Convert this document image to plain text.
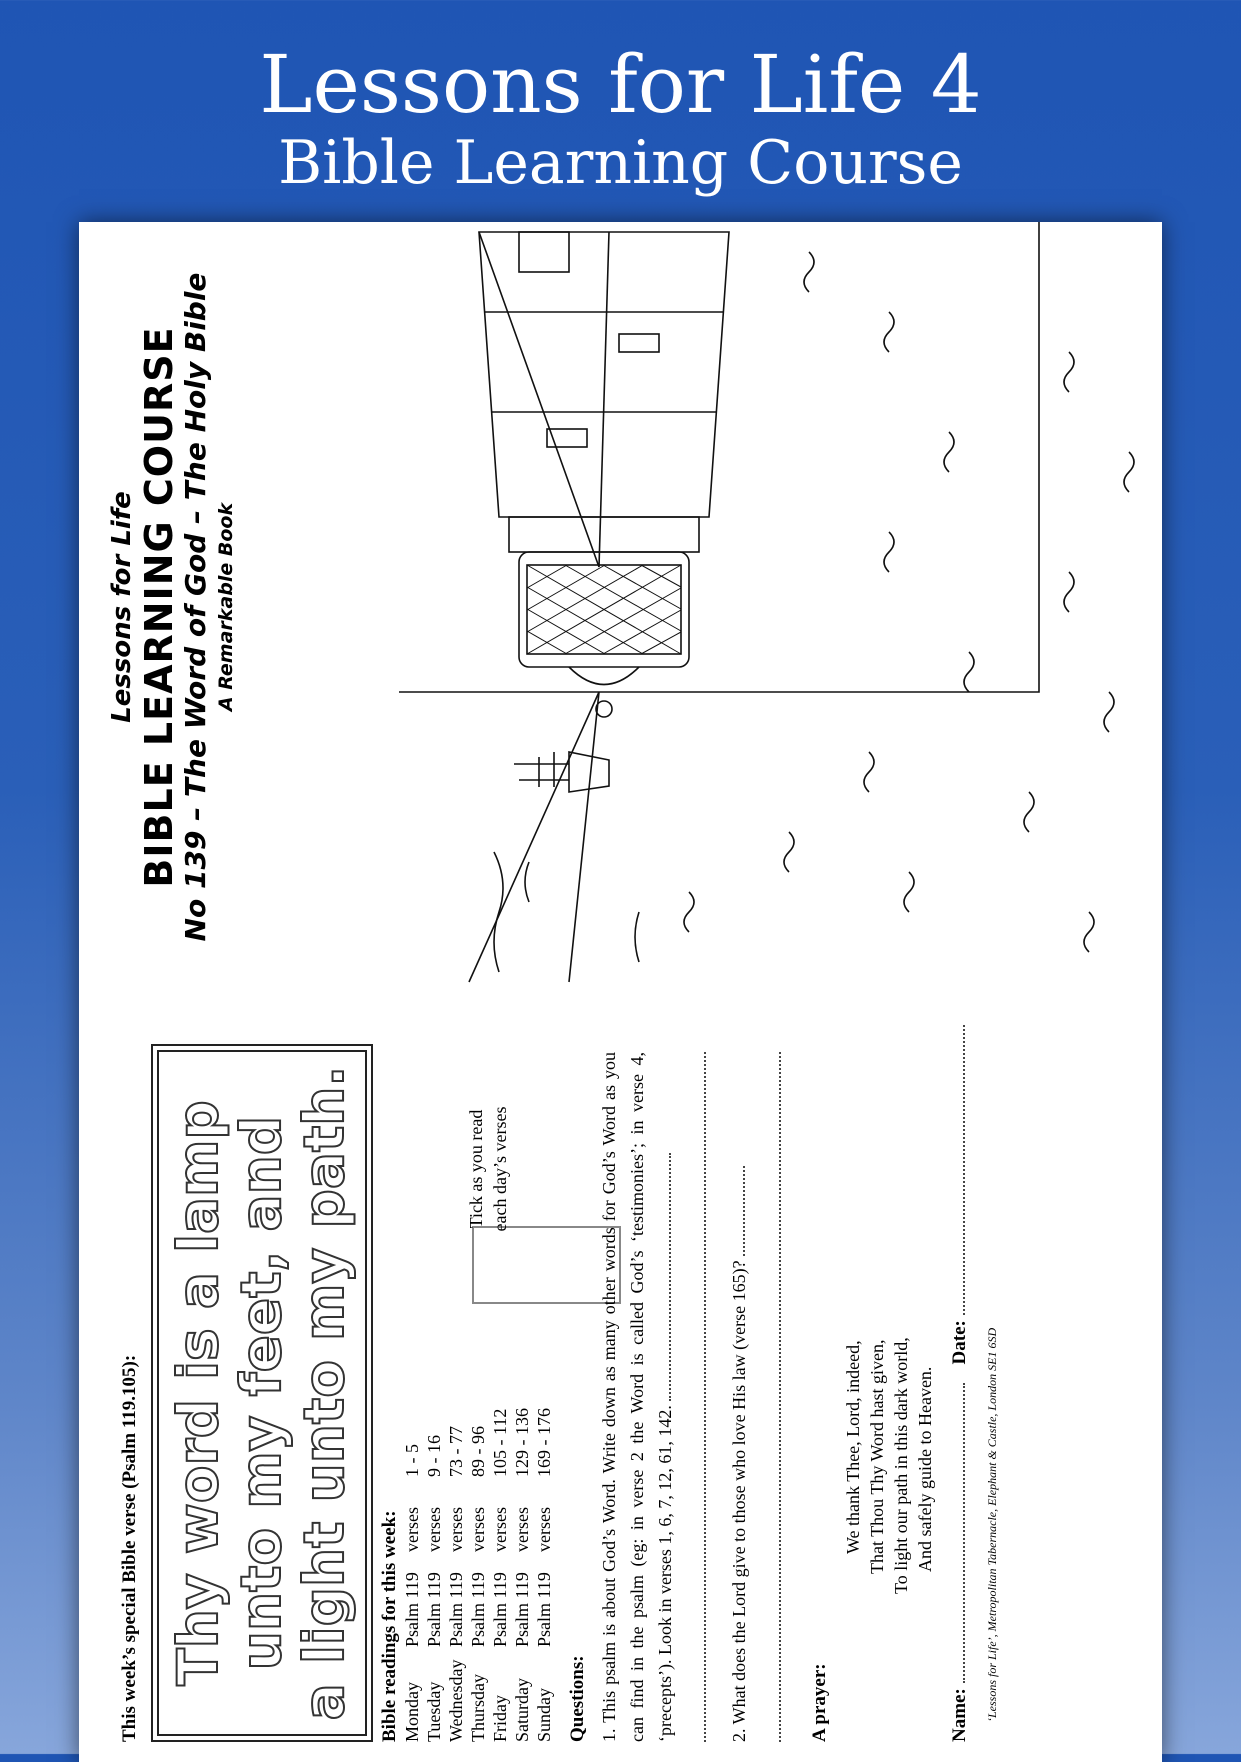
Lessons for Life 4
Bible Learning Course
This week’s special Bible verse (Psalm 119.105): Thy word is a lamp unto my feet, and a light unto my path. Bible readings for this week: Monday	Psalm 119	verses	1 - 5
Tuesday	Psalm 119	verses	9 - 16
Wednesday	Psalm 119	verses	73 - 77
Thursday	Psalm 119	verses	89 - 96
Friday	Psalm 119	verses	105 - 112
Saturday	Psalm 119	verses	129 - 136
Sunday	Psalm 119	verses	169 - 176
Tick as you read each day’s verses
Questions: 1. This psalm is about God’s Word. Write down as many other words for God’s Word as you can find in the psalm (eg: in verse 2 the Word is called God’s ‘testimonies’; in verse 4, ‘precepts’). Look in verses 1, 6, 7, 12, 61, 142.	2. What does the Lord give to those who love His law (verse 165)?	A prayer:
We thank Thee, Lord, indeed, That Thou Thy Word hast given, To light our path in this dark world, And safely guide to Heaven.
Name:     Date: ‘Lessons for Life’, Metropolitan Tabernacle, Elephant & Castle, London SE1 6SD
Lessons for Life BIBLE LEARNING COURSE
No 139 – The Word of God – The Holy Bible A Remarkable Book
